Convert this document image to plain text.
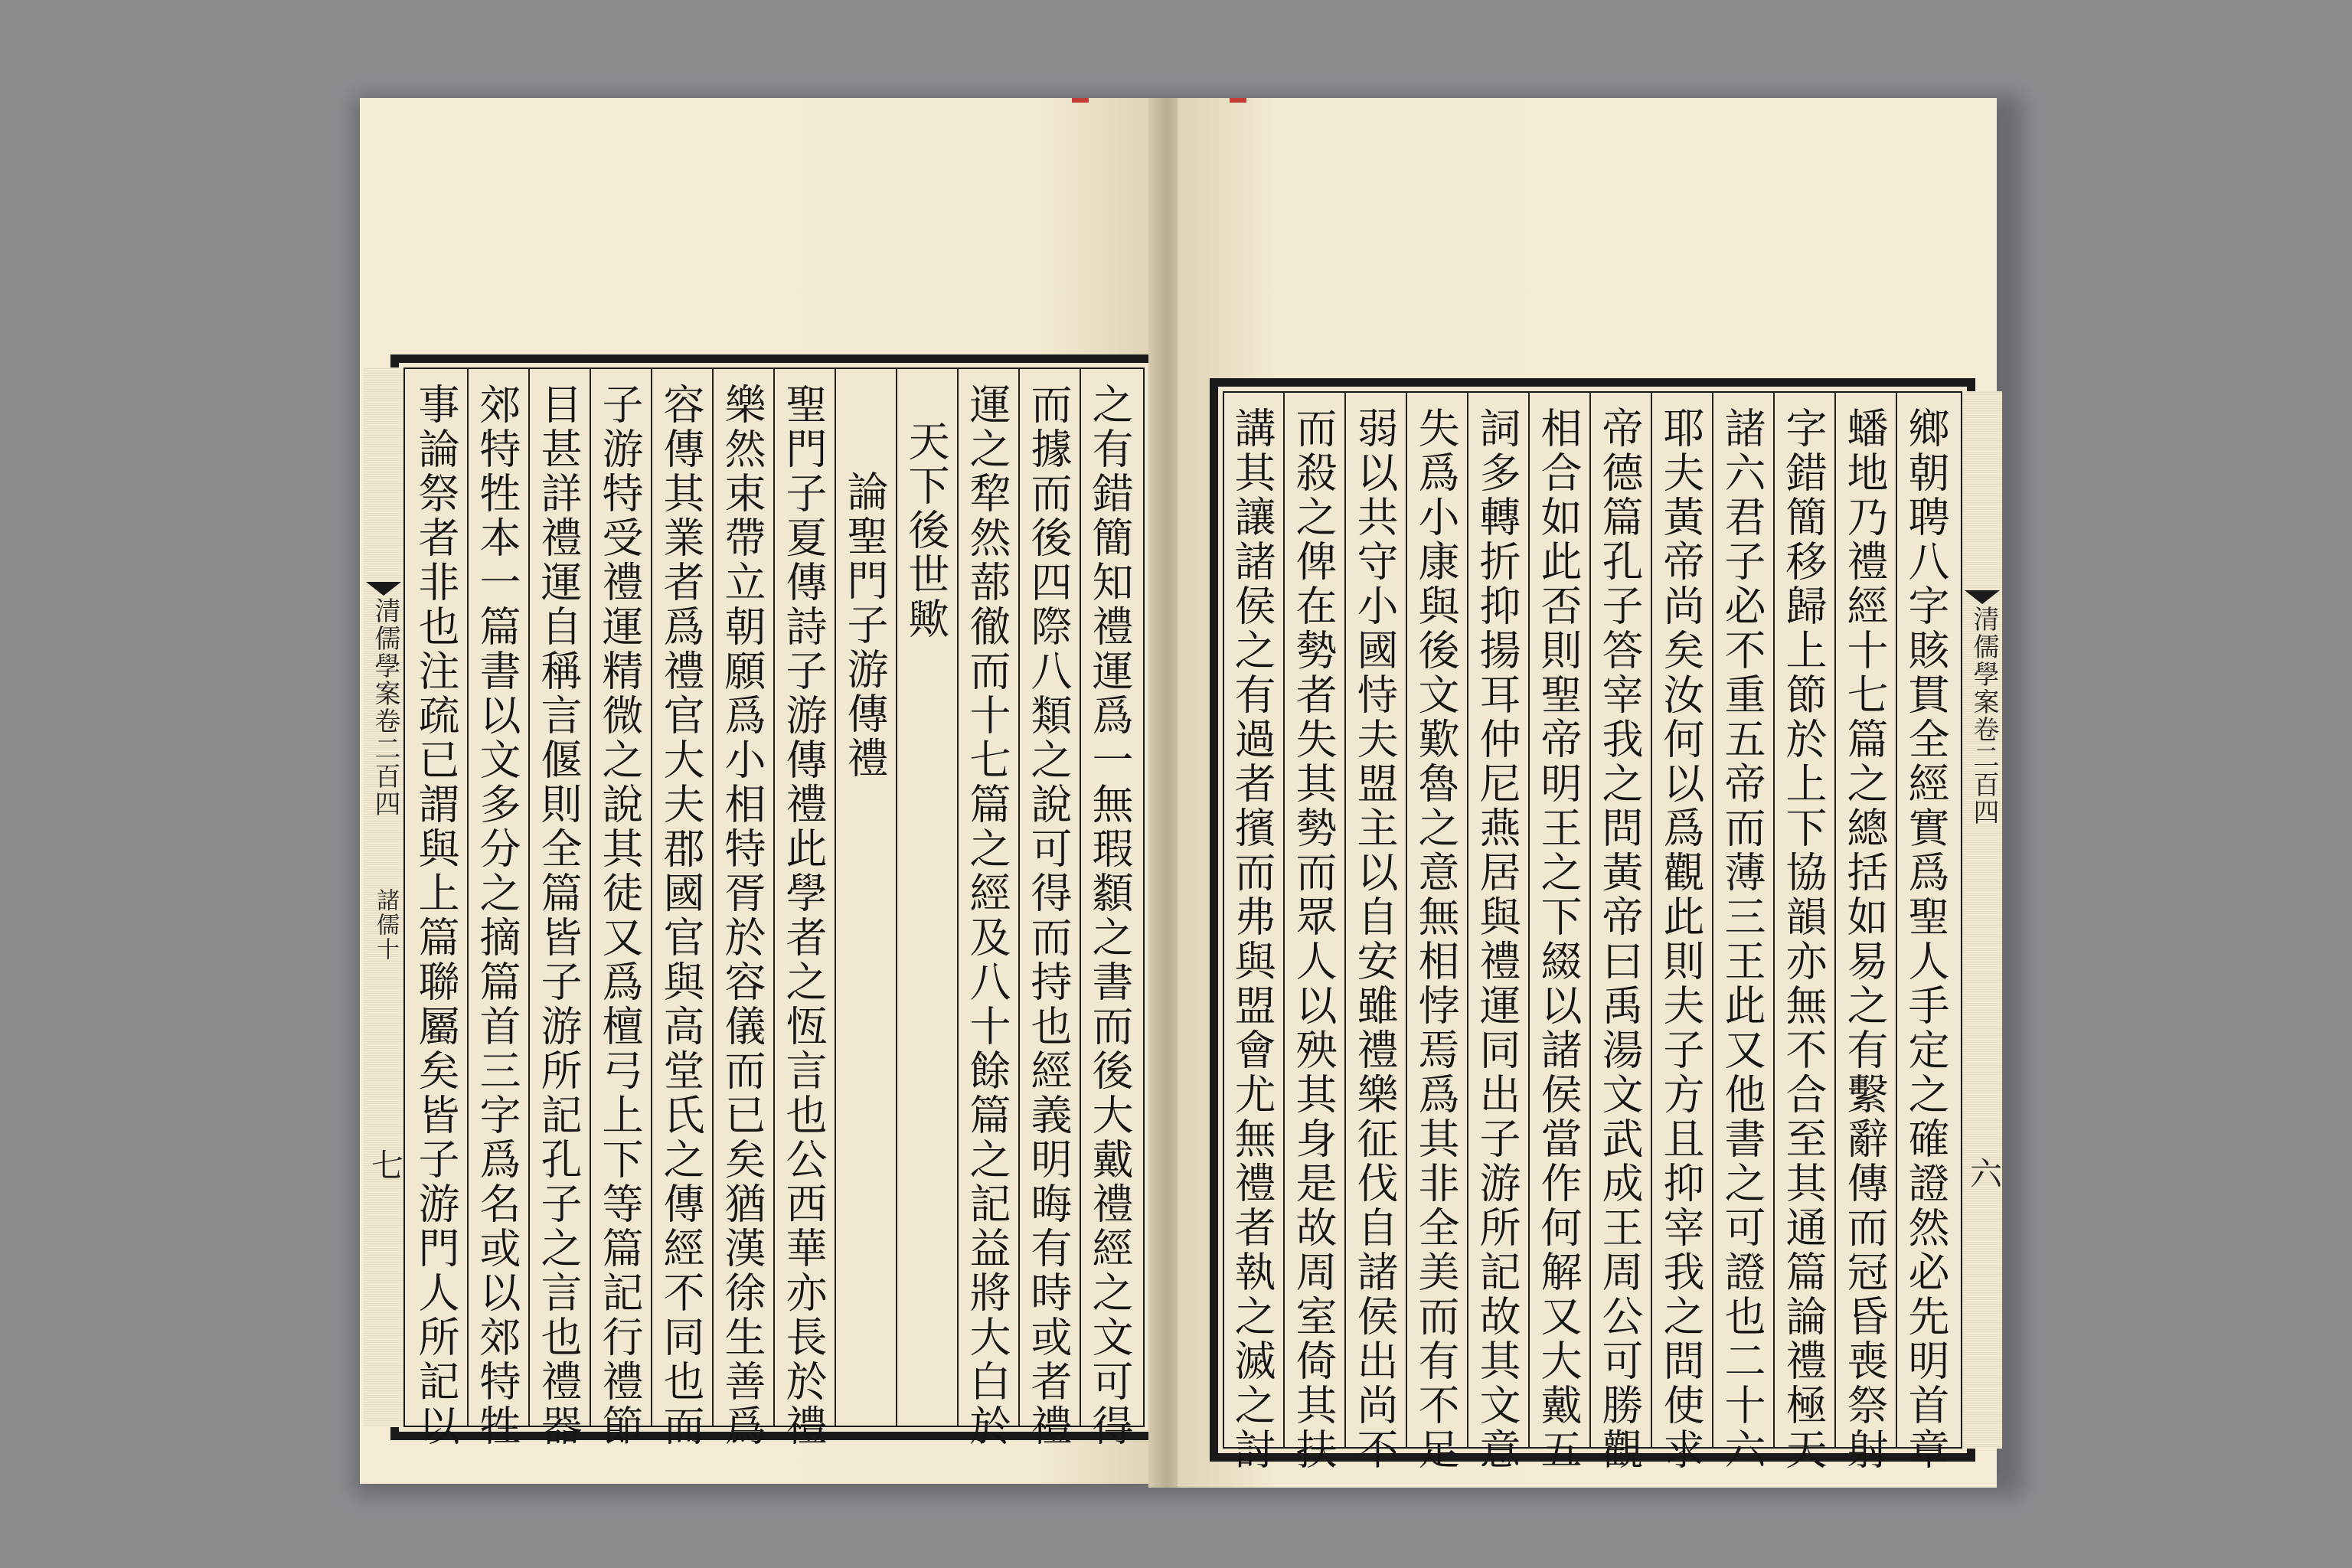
清儒學案卷二百四
諸儒十
七 事論祭者非也注疏已謂與上篇聯屬矣皆子游門人所記以 郊特牲本一篇書以文多分之摘篇首三字爲名或以郊特牲 目甚詳禮運自稱言偃則全篇皆子游所記孔子之言也禮器 子游特受禮運精微之說其徒又爲檀弓上下等篇記行禮節 容傳其業者爲禮官大夫郡國官與高堂氏之傳經不同也而 樂然束帶立朝願爲小相特胥於容儀而已矣猶漢徐生善爲 聖門子夏傳詩子游傳禮此學者之恆言也公西華亦長於禮 論聖門子游傳禮 天下後世歟 運之犂然蔀徹而十七篇之經及八十餘篇之記益將大白於 而據而後四際八類之說可得而持也經義明晦有時或者禮 之有錯簡知禮運爲一無瑕纇之書而後大戴禮經之文可得	清儒學案卷二百四
六
講其讓諸侯之有過者擯而弗與盟會尤無禮者執之滅之討 而殺之俾在勢者失其勢而眾人以殃其身是故周室倚其扶 弱以共守小國恃夫盟主以自安雖禮樂征伐自諸侯出尚不 失爲小康與後文歎魯之意無相悖焉爲其非全美而有不足 詞多轉折抑揚耳仲尼燕居與禮運同出子游所記故其文意 相合如此否則聖帝明王之下綴以諸侯當作何解又大戴五 帝德篇孔子答宰我之問黃帝曰禹湯文武成王周公可勝觀 耶夫黃帝尚矣汝何以爲觀此則夫子方且抑宰我之問使求 諸六君子必不重五帝而薄三王此又他書之可證也二十六 字錯簡移歸上節於上下協韻亦無不合至其通篇論禮極天 蟠地乃禮經十七篇之總括如易之有繫辭傳而冠昏喪祭射 鄉朝聘八字賅貫全經實爲聖人手定之確證然必先明首章
